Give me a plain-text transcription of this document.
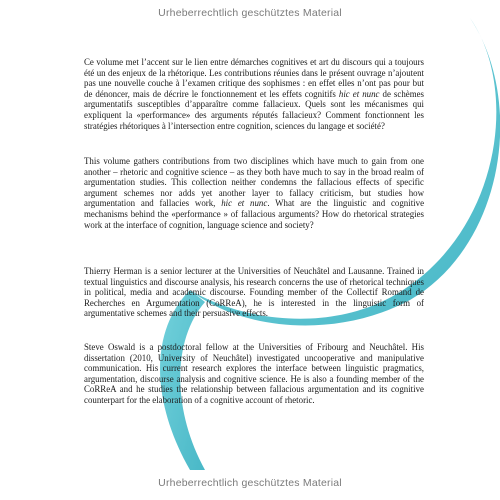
Urheberrechtlich geschütztes Material

Ce volume met l’accent sur le lien entre démarches cognitives et art du discours qui a toujours été un des enjeux de la rhétorique. Les contributions réunies dans le présent ouvrage n’ajoutent pas une nouvelle couche à l’examen critique des sophismes : en effet elles n’ont pas pour but de dénoncer, mais de décrire le fonctionnement et les effets cognitifs hic et nunc de schèmes argumentatifs susceptibles d’apparaître comme fallacieux. Quels sont les mécanismes qui expliquent la «performance» des arguments réputés fallacieux? Comment fonctionnent les stratégies rhétoriques à l’intersection entre cognition, sciences du langage et société?

This volume gathers contributions from two disciplines which have much to gain from one another – rhetoric and cognitive science – as they both have much to say in the broad realm of argumentation studies. This collection neither condemns the fallacious effects of specific argument schemes nor adds yet another layer to fallacy criticism, but studies how argumentation and fallacies work, hic et nunc. What are the linguistic and cognitive mechanisms behind the «performance » of fallacious arguments? How do rhetorical strategies work at the interface of cognition, language science and society?

Thierry Herman is a senior lecturer at the Universities of Neuchâtel and Lausanne. Trained in textual linguistics and discourse analysis, his research concerns the use of rhetorical techniques in political, media and academic discourse. Founding member of the Collectif Romand de Recherches en Argumentation (CoRReA), he is interested in the linguistic form of argumentative schemes and their persuasive effects.

Steve Oswald is a postdoctoral fellow at the Universities of Fribourg and Neuchâtel. His dissertation (2010, University of Neuchâtel) investigated uncooperative and manipulative communication. His current research explores the interface between linguistic pragmatics, argumentation, discourse analysis and cognitive science. He is also a founding member of the CoRReA and he studies the relationship between fallacious argumentation and its cognitive counterpart for the elaboration of a cognitive account of rhetoric.

Urheberrechtlich geschütztes Material
